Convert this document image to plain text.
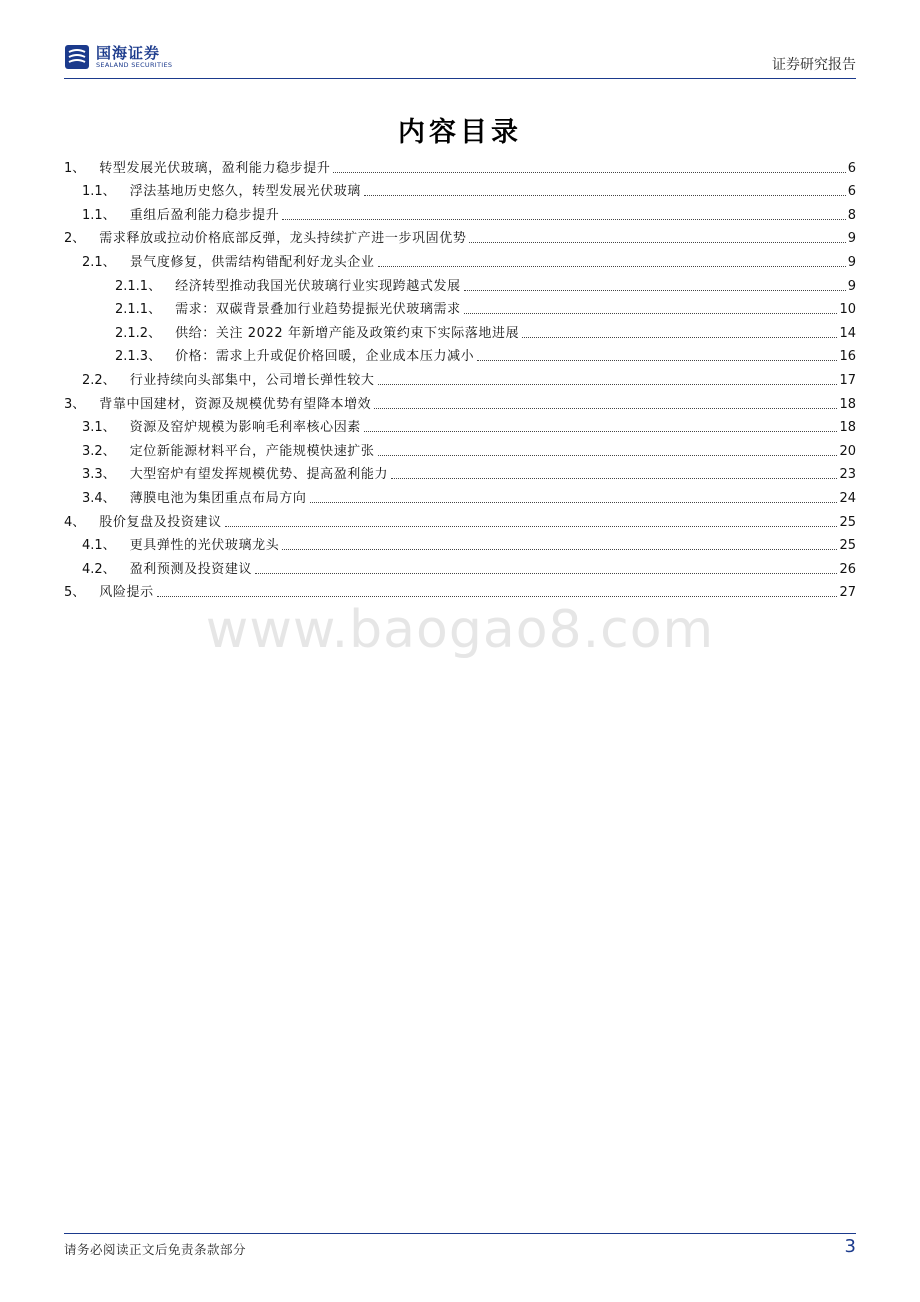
国海证券
SEALAND SECURITIES	证券研究报告
内容目录
1、 转型发展光伏玻璃，盈利能力稳步提升	6
1.1、 浮法基地历史悠久，转型发展光伏玻璃	6
1.1、 重组后盈利能力稳步提升	8
2、 需求释放或拉动价格底部反弹，龙头持续扩产进一步巩固优势	9
2.1、 景气度修复，供需结构错配利好龙头企业	9
2.1.1、 经济转型推动我国光伏玻璃行业实现跨越式发展	9
2.1.1、 需求：双碳背景叠加行业趋势提振光伏玻璃需求	10
2.1.2、 供给：关注 2022 年新增产能及政策约束下实际落地进展	14
2.1.3、 价格：需求上升或促价格回暖，企业成本压力减小	16
2.2、 行业持续向头部集中，公司增长弹性较大	17
3、 背靠中国建材，资源及规模优势有望降本增效	18
3.1、 资源及窑炉规模为影响毛利率核心因素	18
3.2、 定位新能源材料平台，产能规模快速扩张	20
3.3、 大型窑炉有望发挥规模优势、提高盈利能力	23
3.4、 薄膜电池为集团重点布局方向	24
4、 股价复盘及投资建议	25
4.1、 更具弹性的光伏玻璃龙头	25
4.2、 盈利预测及投资建议	26
5、 风险提示	27
www.baogao8.com
请务必阅读正文后免责条款部分	3
